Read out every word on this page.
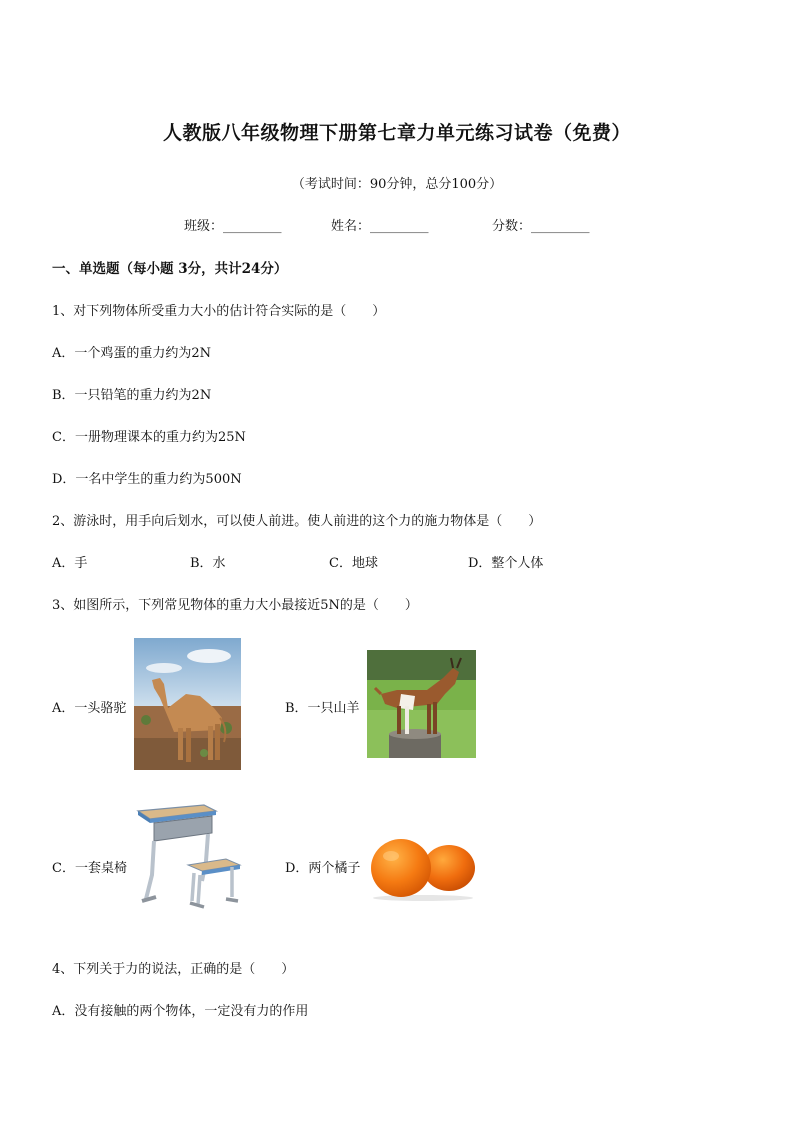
人教版八年级物理下册第七章力单元练习试卷（免费）
（考试时间：90分钟，总分100分）
班级：_________	姓名：_________	分数：_________
一、单选题（每小题 3分，共计24分）
1、对下列物体所受重力大小的估计符合实际的是（　　）
A．一个鸡蛋的重力约为2N
B．一只铅笔的重力约为2N
C．一册物理课本的重力约为25N
D．一名中学生的重力约为500N
2、游泳时，用手向后划水，可以使人前进。使人前进的这个力的施力物体是（　　）
A．手	B．水	C．地球	D．整个人体
3、如图所示，下列常见物体的重力大小最接近5N的是（　　）
A．一头骆驼	B．一只山羊
C．一套桌椅	D．两个橘子
4、下列关于力的说法，正确的是（　　）
A．没有接触的两个物体，一定没有力的作用
